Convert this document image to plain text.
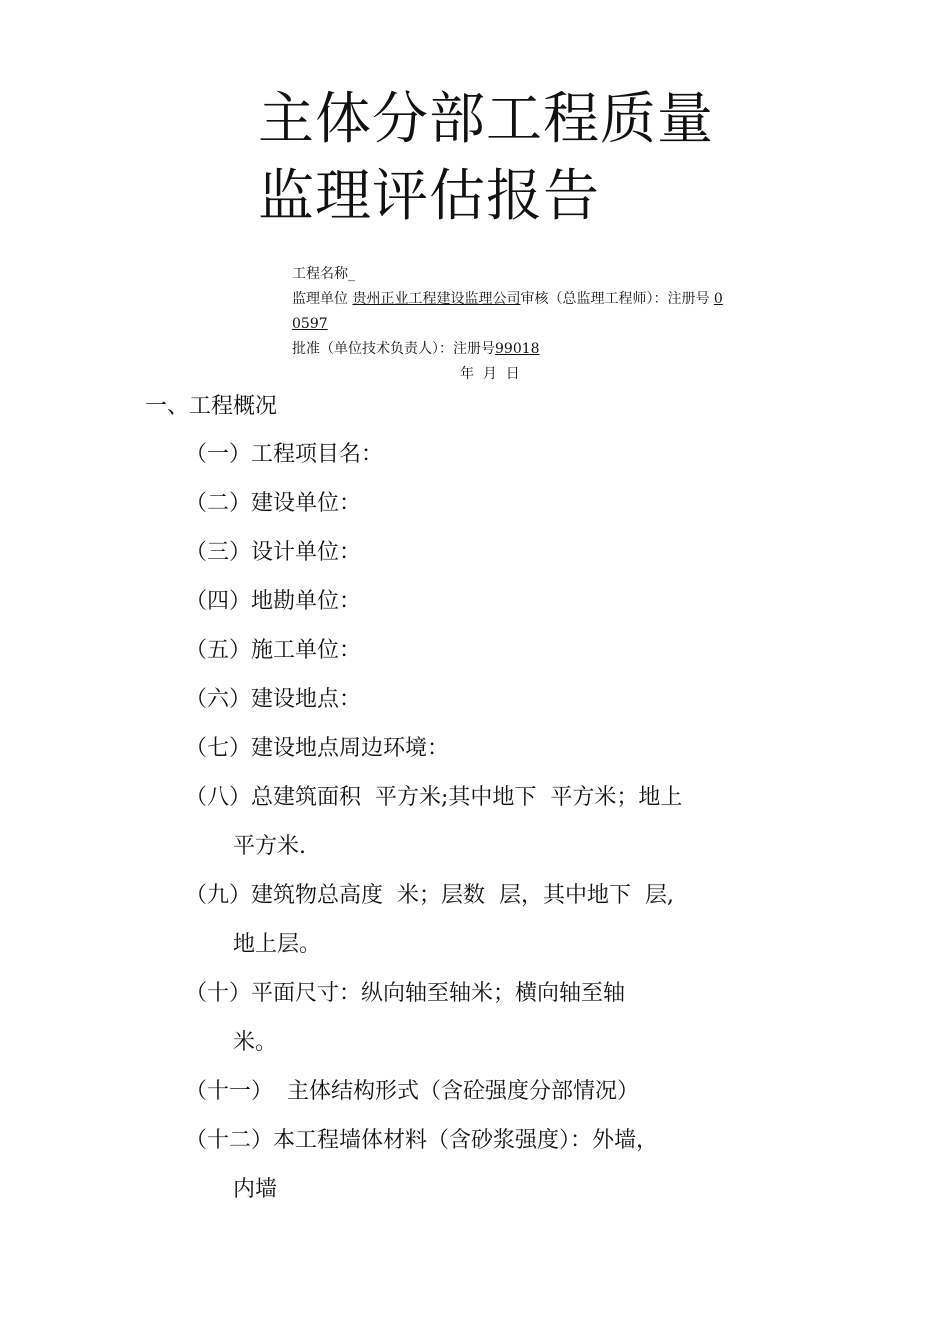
主体分部工程质量
监理评估报告
工程名称_
监理单位 贵州正业工程建设监理公司审核（总监理工程师）：注册号 0
0597
批准（单位技术负责人）：注册号99018
年  月  日
一、工程概况
（一）工程项目名：
（二）建设单位：
（三）设计单位：
（四）地勘单位：
（五）施工单位：
（六）建设地点：
（七）建设地点周边环境：
（八）总建筑面积  平方米;其中地下  平方米；地上
平方米.
（九）建筑物总高度  米；层数  层，其中地下  层,
地上层。
（十）平面尺寸：纵向轴至轴米；横向轴至轴
米。
（十一）  主体结构形式（含砼强度分部情况）
（十二）本工程墙体材料（含砂浆强度）：外墙，
内墙
